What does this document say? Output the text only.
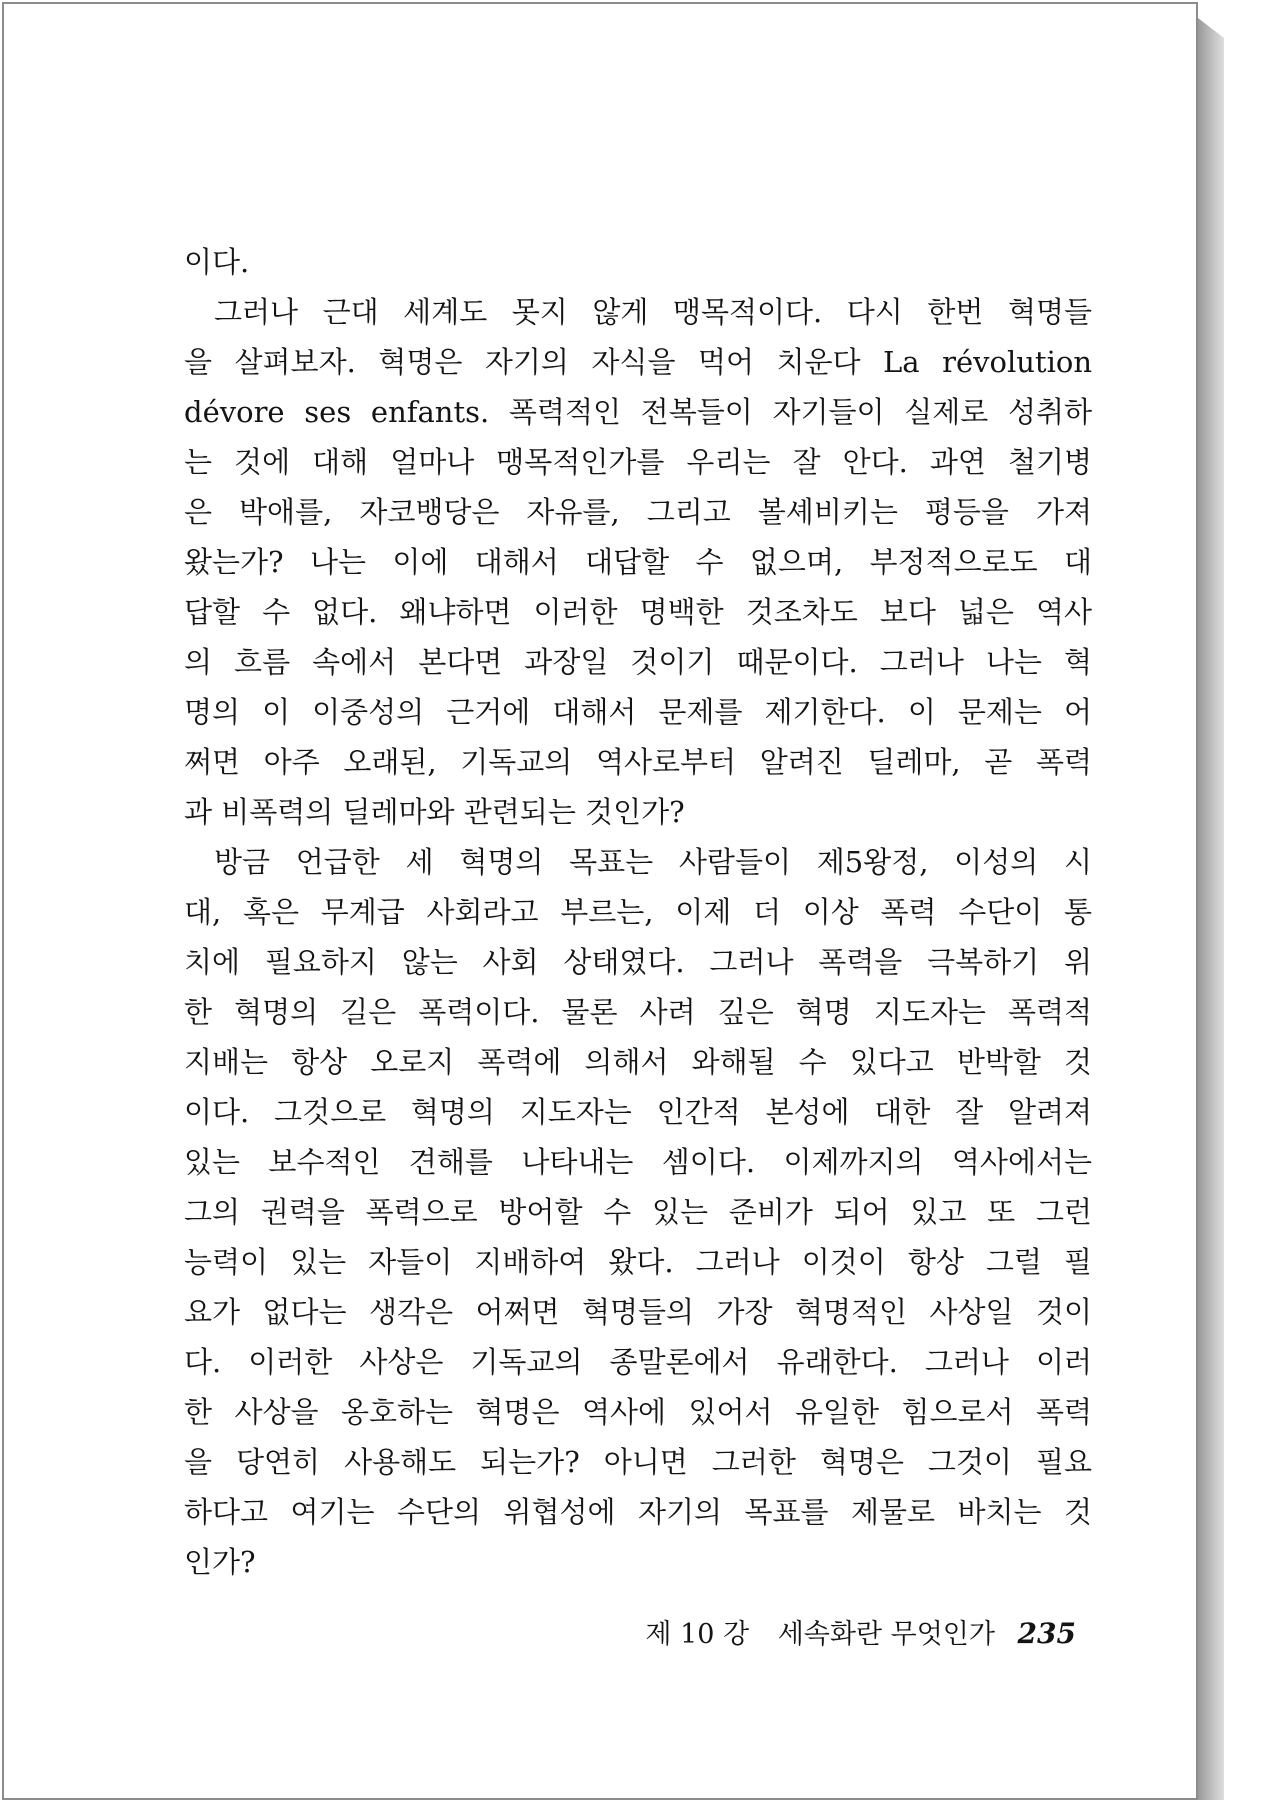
이다.
그러나 근대 세계도 못지 않게 맹목적이다. 다시 한번 혁명들
을 살펴보자. 혁명은 자기의 자식을 먹어 치운다 La révolution
dévore ses enfants. 폭력적인 전복들이 자기들이 실제로 성취하
는 것에 대해 얼마나 맹목적인가를 우리는 잘 안다. 과연 철기병
은 박애를, 자코뱅당은 자유를, 그리고 볼셰비키는 평등을 가져
왔는가? 나는 이에 대해서 대답할 수 없으며, 부정적으로도 대
답할 수 없다. 왜냐하면 이러한 명백한 것조차도 보다 넓은 역사
의 흐름 속에서 본다면 과장일 것이기 때문이다. 그러나 나는 혁
명의 이 이중성의 근거에 대해서 문제를 제기한다. 이 문제는 어
쩌면 아주 오래된, 기독교의 역사로부터 알려진 딜레마, 곧 폭력
과 비폭력의 딜레마와 관련되는 것인가?
방금 언급한 세 혁명의 목표는 사람들이 제5왕정, 이성의 시
대, 혹은 무계급 사회라고 부르는, 이제 더 이상 폭력 수단이 통
치에 필요하지 않는 사회 상태였다. 그러나 폭력을 극복하기 위
한 혁명의 길은 폭력이다. 물론 사려 깊은 혁명 지도자는 폭력적
지배는 항상 오로지 폭력에 의해서 와해될 수 있다고 반박할 것
이다. 그것으로 혁명의 지도자는 인간적 본성에 대한 잘 알려져
있는 보수적인 견해를 나타내는 셈이다. 이제까지의 역사에서는
그의 권력을 폭력으로 방어할 수 있는 준비가 되어 있고 또 그런
능력이 있는 자들이 지배하여 왔다. 그러나 이것이 항상 그럴 필
요가 없다는 생각은 어쩌면 혁명들의 가장 혁명적인 사상일 것이
다. 이러한 사상은 기독교의 종말론에서 유래한다. 그러나 이러
한 사상을 옹호하는 혁명은 역사에 있어서 유일한 힘으로서 폭력
을 당연히 사용해도 되는가? 아니면 그러한 혁명은 그것이 필요
하다고 여기는 수단의 위협성에 자기의 목표를 제물로 바치는 것
인가?
제 10 강 세속화란 무엇인가 235
